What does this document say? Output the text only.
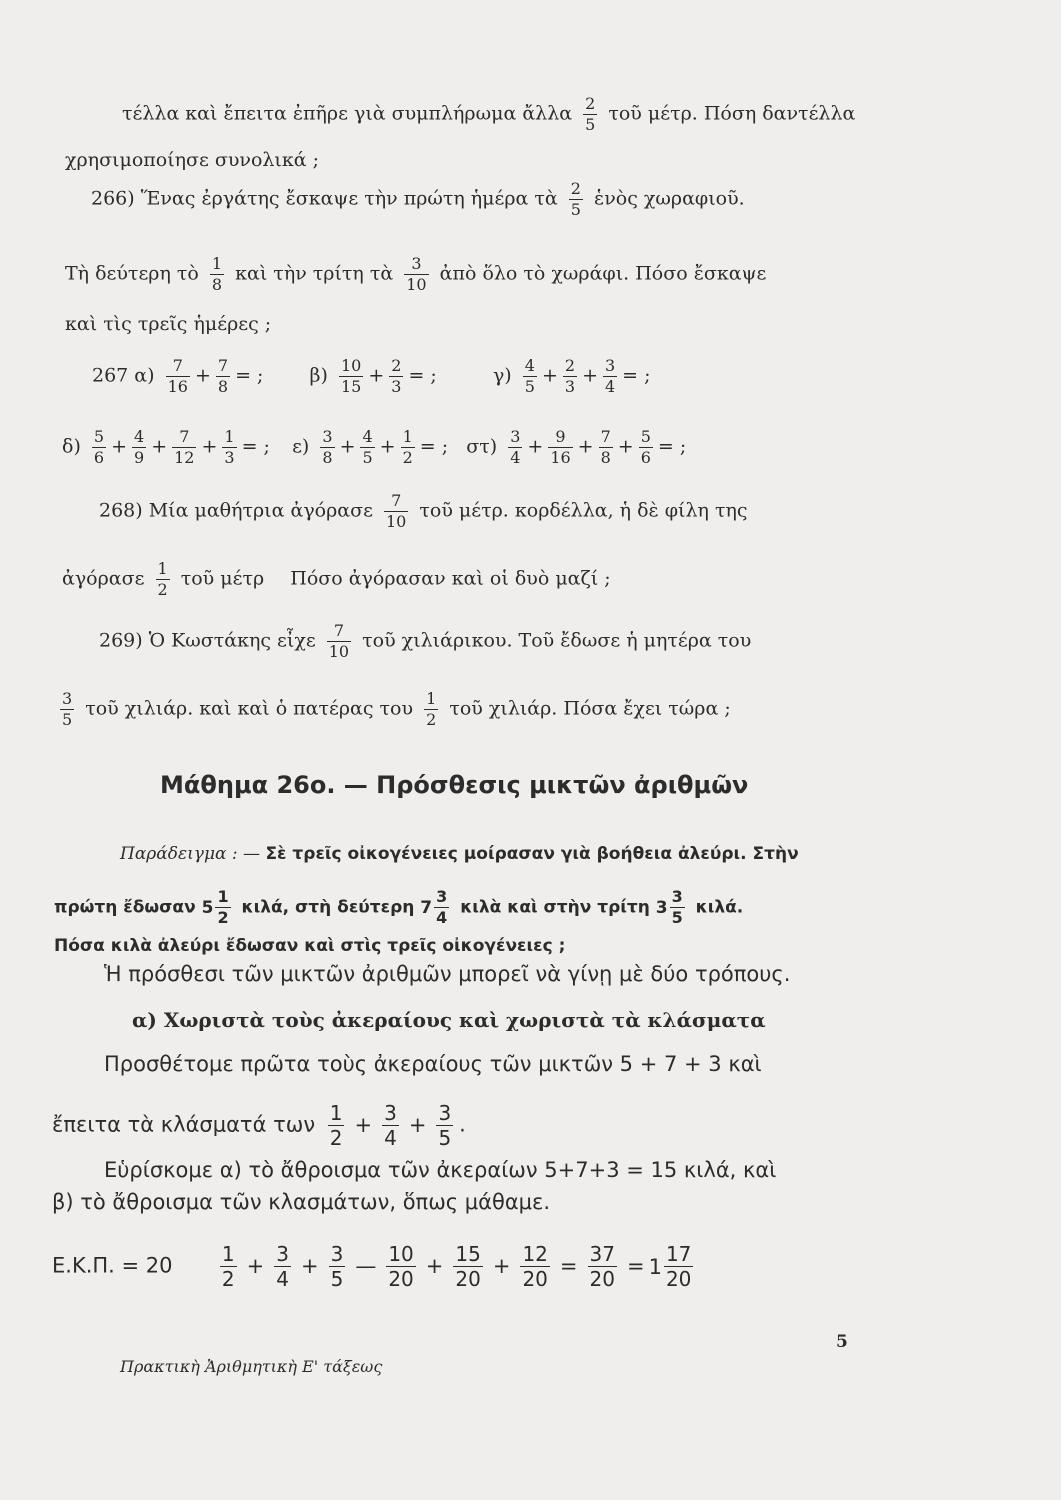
τέλλα καὶ ἔπειτα ἐπῆρε γιὰ συμπλήρωμα ἄλλα $\frac{2}{5}$ τοῦ μέτρ. Πόση δαντέλλα
χρησιμοποίησε συνολικά ;
266) Ἕνας ἐργάτης ἔσκαψε τὴν πρώτη ἡμέρα τὰ $\frac{2}{5}$ ἑνὸς χωραφιοῦ.
Τὴ δεύτερη τὸ $\frac{1}{8}$ καὶ τὴν τρίτη τὰ $\frac{3}{10}$ ἀπὸ ὅλο τὸ χωράφι. Πόσο ἔσκαψε
καὶ τὶς τρεῖς ἡμέρες ;
267 $\alpha) \frac{7}{16} + \frac{7}{8}$ = ; $\beta) \frac{10}{15} + \frac{2}{3}$ = ;	$\gamma) \frac{4}{5} + \frac{2}{3} + \frac{3}{4}$ = ;
$\delta) \frac{5}{6} + \frac{4}{9} + \frac{7}{12} + \frac{1}{3}$ = ; $\varepsilon) \frac{3}{8} + \frac{4}{5} + \frac{1}{2}$ = ; $\sigma\tau) \frac{3}{4} + \frac{9}{16} + \frac{7}{8} + \frac{5}{6}$ = ;
268) Μία μαθήτρια ἀγόρασε $\frac{7}{10}$ τοῦ μέτρ. κορδέλλα, ἡ δὲ φίλη της
ἀγόρασε $\frac{1}{2}$ τοῦ μέτρ Πόσο ἀγόρασαν καὶ οἱ δυὸ μαζί ;
269) Ὁ Κωστάκης εἶχε $\frac{7}{10}$ τοῦ χιλιάρικου. Τοῦ ἔδωσε ἡ μητέρα του
$\frac{3}{5}$ τοῦ χιλιάρ. καὶ καὶ ὁ πατέρας του $\frac{1}{2}$ τοῦ χιλιάρ. Πόσα ἔχει τώρα ;
Μάθημα 26ο. — Πρόσθεσις μικτῶν ἀριθμῶν
Παράδειγμα : — Σὲ τρεῖς οἰκογένειες μοίρασαν γιὰ βοήθεια ἀλεύρι. Στὴν
πρώτη ἔδωσαν $5 \frac{1}{2} \kappa\iota\lambda ά$, στὴ δεύτερη $7 \frac{3}{4}$ κιλὰ καὶ στὴν τρίτη $3 \frac{3}{5} \kappa\iota\lambda ά$.
Πόσα κιλὰ ἀλεύρι ἔδωσαν καὶ στὶς τρεῖς οἰκογένειες ;
Ἡ πρόσθεσι τῶν μικτῶν ἀριθμῶν μπορεῖ νὰ γίνῃ μὲ δύο τρόπους.
α) Χωριστὰ τοὺς ἀκεραίους καὶ χωριστὰ τὰ κλάσματα
Προσθέτομε πρῶτα τοὺς ἀκεραίους τῶν μικτῶν 5 + 7 + 3 καὶ
ἔπειτα τὰ κλάσματά των $\frac{1}{2} + \frac{3}{4} + \frac{3}{5}$ .
Εὑρίσκομε α) τὸ ἄθροισμα τῶν ἀκεραίων 5+7+3 = 15 κιλά, καὶ
β) τὸ ἄθροισμα τῶν κλασμάτων, ὅπως μάθαμε.
Ε.Κ.Π. = $20 \frac{1}{2} + \frac{3}{4} + \frac{3}{5}$ — $\frac{10}{20} + \frac{15}{20} + \frac{12}{20} = \frac{37}{20} = 1 \frac{17}{20}$
Πρακτικὴ Ἀριθμητικὴ Ε' τάξεως
5
